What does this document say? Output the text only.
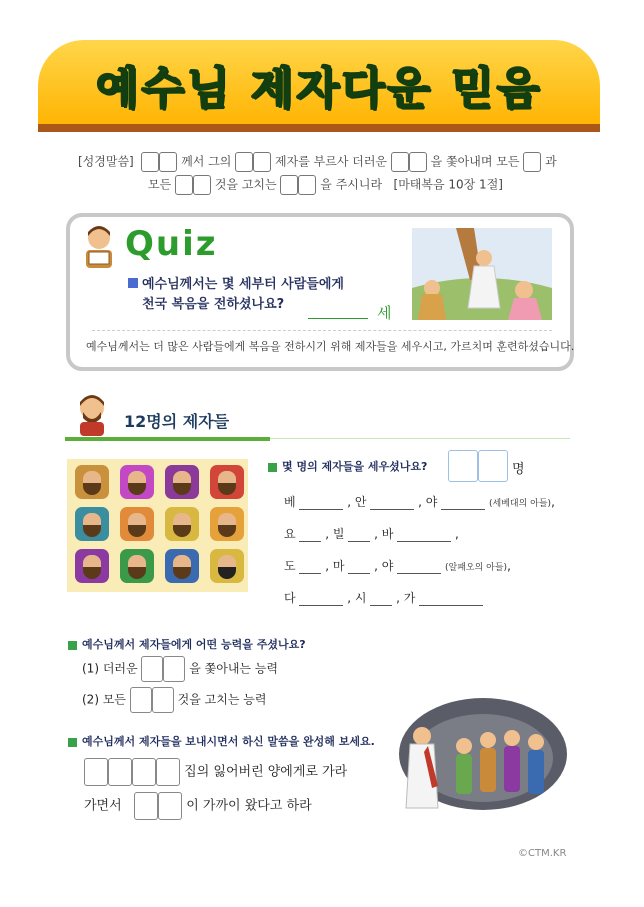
예수님 제자다운 믿음
[성경말씀]	께서 그의	제자를 부르사 더러운	을 쫓아내며 모든 과
모든	것을 고치는	을 주시니라 [마태복음 10장 1절]
Quiz
예수님께서는 몇 세부터 사람들에게
천국 복음을 전하셨나요?	세
예수님께서는 더 많은 사람들에게 복음을 전하시기 위해 제자들을 세우시고, 가르치며 훈련하셨습니다.
12명의 제자들
몇 명의 제자들을 세우셨나요?	명
베	, 안	, 야	(세베대의 아들),
요  , 빌  , 바	,
도  , 마  , 야	(알패오의 아들),
다	, 시  , 가
예수님께서 제자들에게 어떤 능력을 주셨나요?
(1) 더러운	을 쫓아내는 능력
(2) 모든	것을 고치는 능력
예수님께서 제자들을 보내시면서 하신 말씀을 완성해 보세요.
집의 잃어버린 양에게로 가라
가면서	이 가까이 왔다고 하라
©CTM.KR
